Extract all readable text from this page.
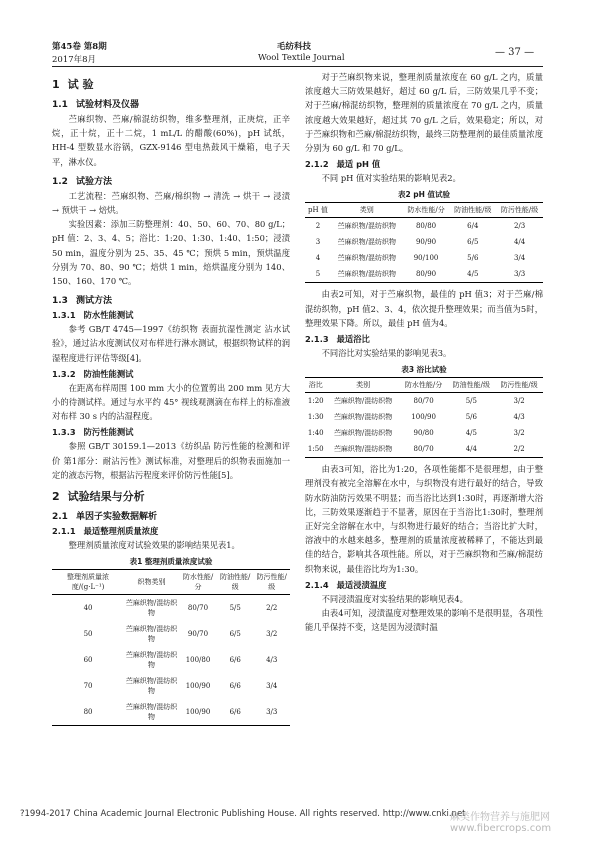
第45卷 第8期
2017年8月
毛纺科技
Wool Textile Journal	— 37 —
1 试 验
1.1 试验材料及仪器

苎麻织物、苎麻/棉混纺织物，维多整理剂，正庚烷，正辛烷，正十烷，正十二烷，1 mL/L 的醋酸(60%)，pH 试纸，HH-4 型数显水浴锅，GZX-9146 型电热鼓风干燥箱，电子天平，淋水仪。

1.2 试验方法

工艺流程：苎麻织物、苎麻/棉织物 → 清洗 → 烘干 → 浸渍 → 预烘干 → 焙烘。

实验因素：添加三防整理剂：40、50、60、70、80 g/L；pH 值：2、3、4、5；浴比：1:20、1:30、1:40、1:50；浸渍 50 min，温度分别为 25、35、45 ℃；预烘 5 min，预烘温度分别为 70、80、90 ℃；焙烘 1 min，焙烘温度分别为 140、150、160、170 ℃。

1.3 测试方法
1.3.1 防水性能测试

参考 GB/T 4745—1997《纺织物 表面抗湿性测定 沾水试验》，通过沾水度测试仪对布样进行淋水测试，根据织物试样的润湿程度进行评估等级[4]。

1.3.2 防油性能测试

在距离布样周围 100 mm 大小的位置剪出 200 mm 见方大小的待测试样。通过与水平约 45° 视线观测滴在布样上的标准液对布样 30 s 内的沾湿程度。

1.3.3 防污性能测试

参照 GB/T 30159.1—2013《纺织品 防污性能的检测和评价 第1部分：耐沾污性》测试标准，对整理后的织物表面施加一定的液态污物，根据沾污程度来评价防污性能[5]。

2 试验结果与分析
2.1 单因子实验数据解析
2.1.1 最适整理剂质量浓度

整理剂质量浓度对试验效果的影响结果见表1。

表1 整理剂质量浓度试验
整理剂质量浓度/(g·L⁻¹)	织物类别	防水性能/分	防油性能/级	防污性能/级
40	苎麻织物/混纺织物	80/70	5/5	2/2
50	苎麻织物/混纺织物	90/70	6/5	3/2
60	苎麻织物/混纺织物	100/80	6/6	4/3
70	苎麻织物/混纺织物	100/90	6/6	3/4
80	苎麻织物/混纺织物	100/90	6/6	3/3

对于苎麻织物来说，整理剂质量浓度在 60 g/L 之内，质量浓度越大三防效果越好，超过 60 g/L 后，三防效果几乎不变；对于苎麻/棉混纺织物，整理剂的质量浓度在 70 g/L 之内，质量浓度越大效果越好，超过其 70 g/L 之后，效果稳定；所以，对于苎麻织物和苎麻/棉混纺织物，最终三防整理剂的最佳质量浓度分别为 60 g/L 和 70 g/L。

2.1.2 最适 pH 值

不同 pH 值对实验结果的影响见表2。

表2 pH 值试验
pH 值	类别	防水性能/分	防油性能/级	防污性能/级
2	苎麻织物/混纺织物	80/80	6/4	2/3
3	苎麻织物/混纺织物	90/90	6/5	4/4
4	苎麻织物/混纺织物	90/100	5/6	3/4
5	苎麻织物/混纺织物	80/90	4/5	3/3

由表2可知，对于苎麻织物，最佳的 pH 值3；对于苎麻/棉混纺织物，pH 值2、3、4，依次提升整理效果；而当值为5时，整理效果下降。所以，最佳 pH 值为4。

2.1.3 最适浴比

不同浴比对实验结果的影响见表3。

表3 浴比试验
浴比	类别	防水性能/分	防油性能/级	防污性能/级
1:20	苎麻织物/混纺织物	80/70	5/5	3/2
1:30	苎麻织物/混纺织物	100/90	5/6	4/3
1:40	苎麻织物/混纺织物	90/80	4/5	3/2
1:50	苎麻织物/混纺织物	80/70	4/4	2/2

由表3可知，浴比为1:20，各项性能都不是很理想，由于整理剂没有被完全溶解在水中，与织物没有进行最好的结合，导致防水防油防污效果不明显；而当浴比达到1:30时，再逐渐增大浴比，三防效果逐渐趋于不显著，原因在于当浴比1:30时，整理剂正好完全溶解在水中，与织物进行最好的结合；当浴比扩大时，溶液中的水越来越多，整理剂的质量浓度被稀释了，不能达到最佳的结合，影响其各项性能。所以，对于苎麻织物和苎麻/棉混纺织物来说，最佳浴比均为1:30。

2.1.4 最适浸渍温度

不同浸渍温度对实验结果的影响见表4。

由表4可知，浸渍温度对整理效果的影响不是很明显，各项性能几乎保持不变，这是因为浸渍时温

?1994-2017 China Academic Journal Electronic Publishing House. All rights reserved. http://www.cnki.net
麻类作物营养与施肥网 www.fibercrops.com
